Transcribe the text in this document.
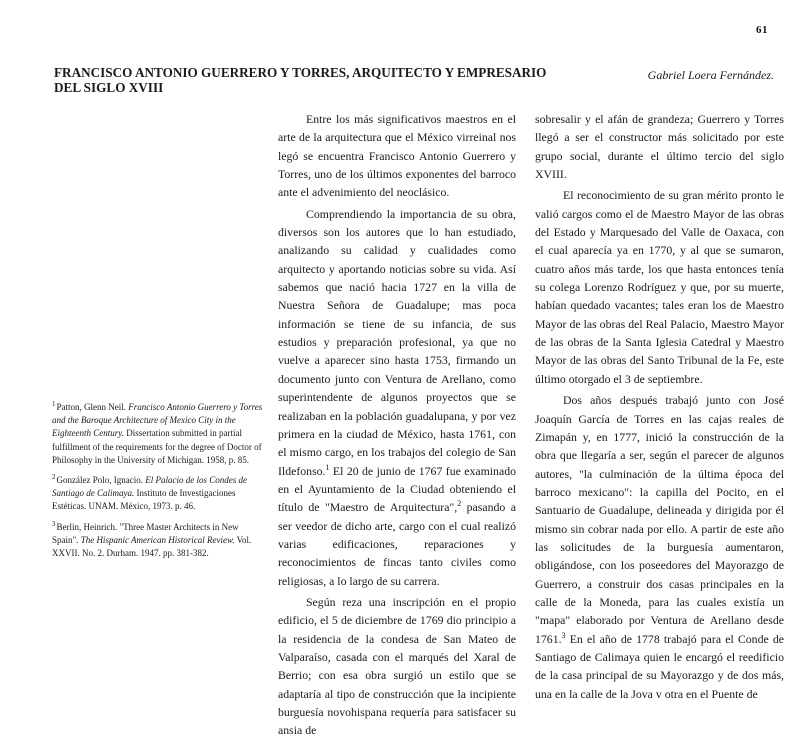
61
FRANCISCO ANTONIO GUERRERO Y TORRES, ARQUITECTO Y EMPRESARIO
DEL SIGLO XVIII
Gabriel Loera Fernández.

$^1$Patton, Glenn Neil. Francisco Antonio Guerrero y Torres and the Baroque Architecture of Mexico City in the Eighteenth Century. Dissertation submitted in partial fulfillment of the requirements for the degree of Doctor of Philosophy in the University of Michigan. 1958, p. 85.

$^2$González Polo, Ignacio. El Palacio de los Condes de Santiago de Calimaya. Instituto de Investigaciones Estéticas. UNAM. México, 1973. p. 46.

$^3$Berlin, Heinrich. "Three Master Architects in New Spain". The Hispanic American Historical Review. Vol. XXVII. No. 2. Durham. 1947. pp. 381-382.

Entre los más significativos maestros en el arte de la arquitectura que el México virreinal nos legó se encuentra Francisco Antonio Guerrero y Torres, uno de los últimos exponentes del barroco ante el advenimiento del neoclásico.

Comprendiendo la importancia de su obra, diversos son los autores que lo han estudiado, analizando su calidad y cualidades como arquitecto y aportando noticias sobre su vida. Así sabemos que nació hacia 1727 en la villa de Nuestra Señora de Guadalupe; mas poca información se tiene de su infancia, de sus estudios y preparación profesional, ya que no vuelve a aparecer sino hasta 1753, firmando un documento junto con Ventura de Arellano, como superintendente de algunos proyectos que se realizaban en la población guadalupana, y por vez primera en la ciudad de México, hasta 1761, con el mismo cargo, en los trabajos del colegio de San Ildefonso.$^1$ El 20 de junio de 1767 fue examinado en el Ayuntamiento de la Ciudad obteniendo el título de "Maestro de Arquitectura",$^2$ pasando a ser veedor de dicho arte, cargo con el cual realizó varias edificaciones, reparaciones y reconocimientos de fincas tanto civiles como religiosas, a lo largo de su carrera.

Según reza una inscripción en el propio edificio, el 5 de diciembre de 1769 dio principio a la residencia de la condesa de San Mateo de Valparaíso, casada con el marqués del Xaral de Berrio; con esa obra surgió un estilo que se adaptaría al tipo de construcción que la incipiente burguesía novohispana requería para satisfacer su ansia de

sobresalir y el afán de grandeza; Guerrero y Torres llegó a ser el constructor más solicitado por este grupo social, durante el último tercio del siglo XVIII.

El reconocimiento de su gran mérito pronto le valió cargos como el de Maestro Mayor de las obras del Estado y Marquesado del Valle de Oaxaca, con el cual aparecía ya en 1770, y al que se sumaron, cuatro años más tarde, los que hasta entonces tenía su colega Lorenzo Rodríguez y que, por su muerte, habían quedado vacantes; tales eran los de Maestro Mayor de las obras del Real Palacio, Maestro Mayor de las obras de la Santa Iglesia Catedral y Maestro Mayor de las obras del Santo Tribunal de la Fe, este último otorgado el 3 de septiembre.

Dos años después trabajó junto con José Joaquín García de Torres en las cajas reales de Zimapán y, en 1777, inició la construcción de la obra que llegaría a ser, según el parecer de algunos autores, "la culminación de la última época del barroco mexicano": la capilla del Pocito, en el Santuario de Guadalupe, delineada y dirigida por él mismo sin cobrar nada por ello. A partir de este año las solicitudes de la burguesía aumentaron, obligándose, con los poseedores del Mayorazgo de Guerrero, a construir dos casas principales en la calle de la Moneda, para las cuales existía un "mapa" elaborado por Ventura de Arellano desde 1761.$^3$ En el año de 1778 trabajó para el Conde de Santiago de Calimaya quien le encargó el reedificio de la casa principal de su Mayorazgo y de dos más, una en la calle de la Jova v otra en el Puente de
